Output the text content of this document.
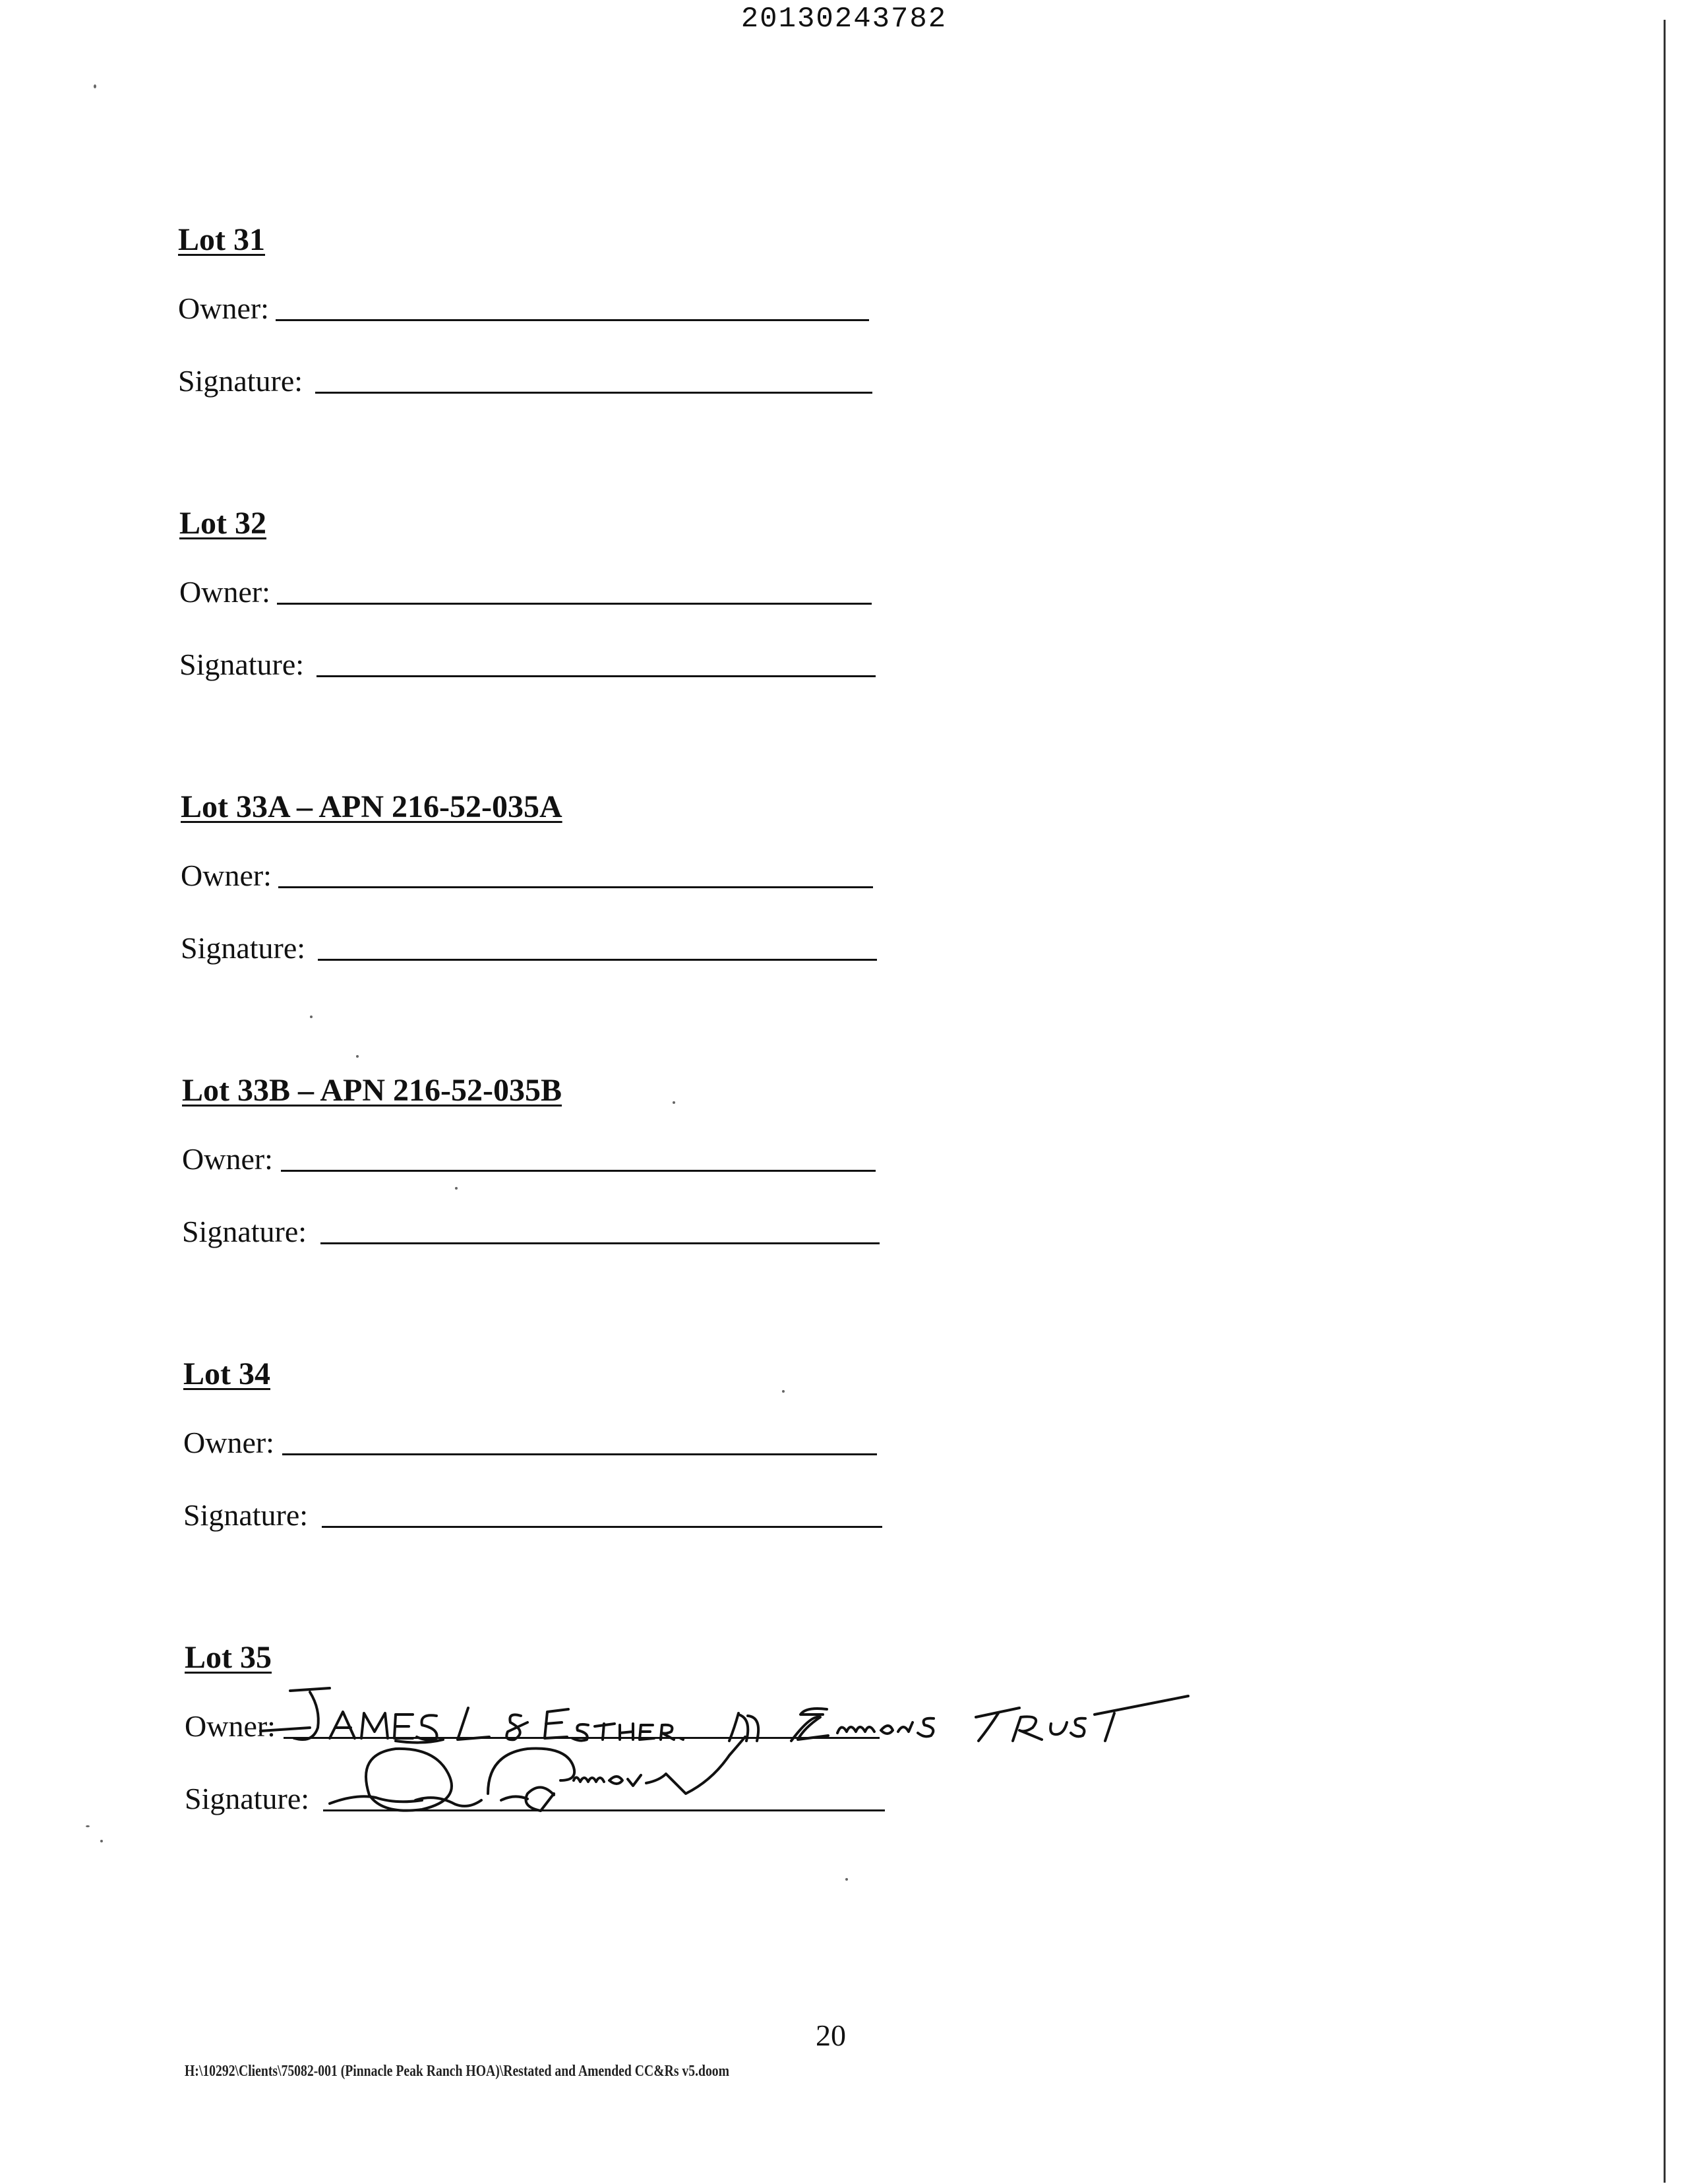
20130243782
Lot 31
Owner:
Signature:
Lot 32
Owner:
Signature:
Lot 33A – APN 216-52-035A
Owner:
Signature:
Lot 33B – APN 216-52-035B
Owner:
Signature:
Lot 34
Owner:
Signature:
Lot 35
Owner:
Signature:
20
H:\10292\Clients\75082-001 (Pinnacle Peak Ranch HOA)\Restated and Amended CC&Rs v5.doom
